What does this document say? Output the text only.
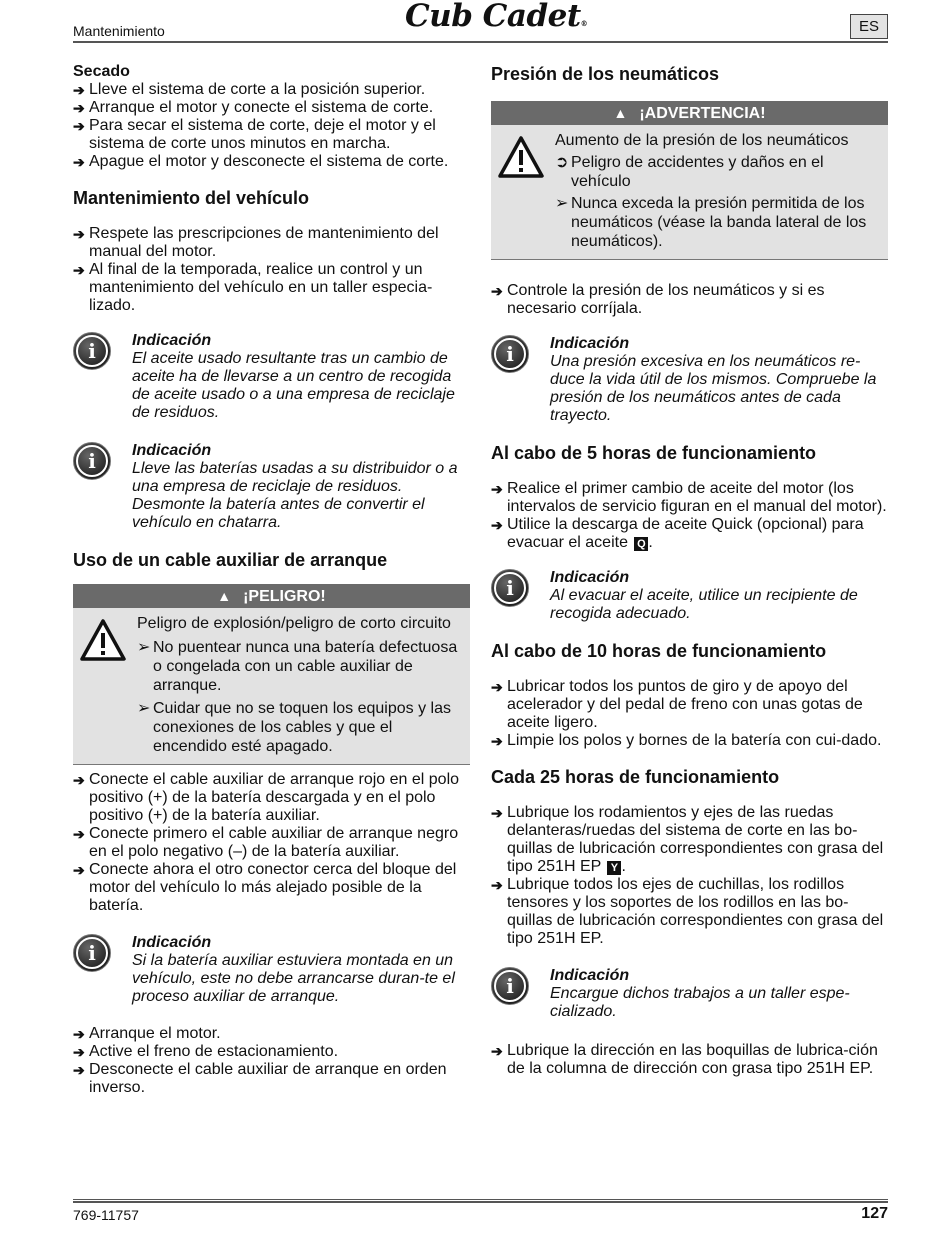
Mantenimiento	Cub Cadet®	ES
Secado
➔ Lleve el sistema de corte a la posición superior.
➔ Arranque el motor y conecte el sistema de corte.
➔ Para secar el sistema de corte, deje el motor y el sistema de corte unos minutos en marcha.
➔ Apague el motor y desconecte el sistema de corte.
Mantenimiento del vehículo
➔ Respete las prescripciones de mantenimiento del manual del motor.
➔ Al final de la temporada, realice un control y un mantenimiento del vehículo en un taller especia-lizado.
i	Indicación
El aceite usado resultante tras un cambio de aceite ha de llevarse a un centro de recogida de aceite usado o a una empresa de reciclaje de residuos.
i	Indicación
Lleve las baterías usadas a su distribuidor o a una empresa de reciclaje de residuos. Desmonte la batería antes de convertir el vehículo en chatarra.
Uso de un cable auxiliar de arranque
▲ ¡PELIGRO!
Peligro de explosión/peligro de corto circuito
➢ No puentear nunca una batería defectuosa o congelada con un cable auxiliar de arranque.
➢ Cuidar que no se toquen los equipos y las conexiones de los cables y que el encendido esté apagado.
➔ Conecte el cable auxiliar de arranque rojo en el polo positivo (+) de la batería descargada y en el polo positivo (+) de la batería auxiliar.
➔ Conecte primero el cable auxiliar de arranque negro en el polo negativo (–) de la batería auxiliar.
➔ Conecte ahora el otro conector cerca del bloque del motor del vehículo lo más alejado posible de la batería.
i	Indicación
Si la batería auxiliar estuviera montada en un vehículo, este no debe arrancarse duran-te el proceso auxiliar de arranque.
➔ Arranque el motor.
➔ Active el freno de estacionamiento.
➔ Desconecte el cable auxiliar de arranque en orden inverso.
Presión de los neumáticos
▲ ¡ADVERTENCIA!
Aumento de la presión de los neumáticos
➲ Peligro de accidentes y daños en el vehículo
➢ Nunca exceda la presión permitida de los neumáticos (véase la banda lateral de los neumáticos).
➔ Controle la presión de los neumáticos y si es necesario corríjala.
i	Indicación
Una presión excesiva en los neumáticos re-duce la vida útil de los mismos. Compruebe la presión de los neumáticos antes de cada trayecto.
Al cabo de 5 horas de funcionamiento
➔ Realice el primer cambio de aceite del motor (los intervalos de servicio figuran en el manual del motor).
➔ Utilice la descarga de aceite Quick (opcional) para evacuar el aceite Q .
i	Indicación
Al evacuar el aceite, utilice un recipiente de recogida adecuado.
Al cabo de 10 horas de funcionamiento
➔ Lubricar todos los puntos de giro y de apoyo del acelerador y del pedal de freno con unas gotas de aceite ligero.
➔ Limpie los polos y bornes de la batería con cui-dado.
Cada 25 horas de funcionamiento
➔ Lubrique los rodamientos y ejes de las ruedas delanteras/ruedas del sistema de corte en las bo-quillas de lubricación correspondientes con grasa del tipo 251H EP Y .
➔ Lubrique todos los ejes de cuchillas, los rodillos tensores y los soportes de los rodillos en las bo-quillas de lubricación correspondientes con grasa del tipo 251H EP.
i	Indicación
Encargue dichos trabajos a un taller espe-cializado.
➔ Lubrique la dirección en las boquillas de lubrica-ción de la columna de dirección con grasa tipo 251H EP.
769-11757	127
